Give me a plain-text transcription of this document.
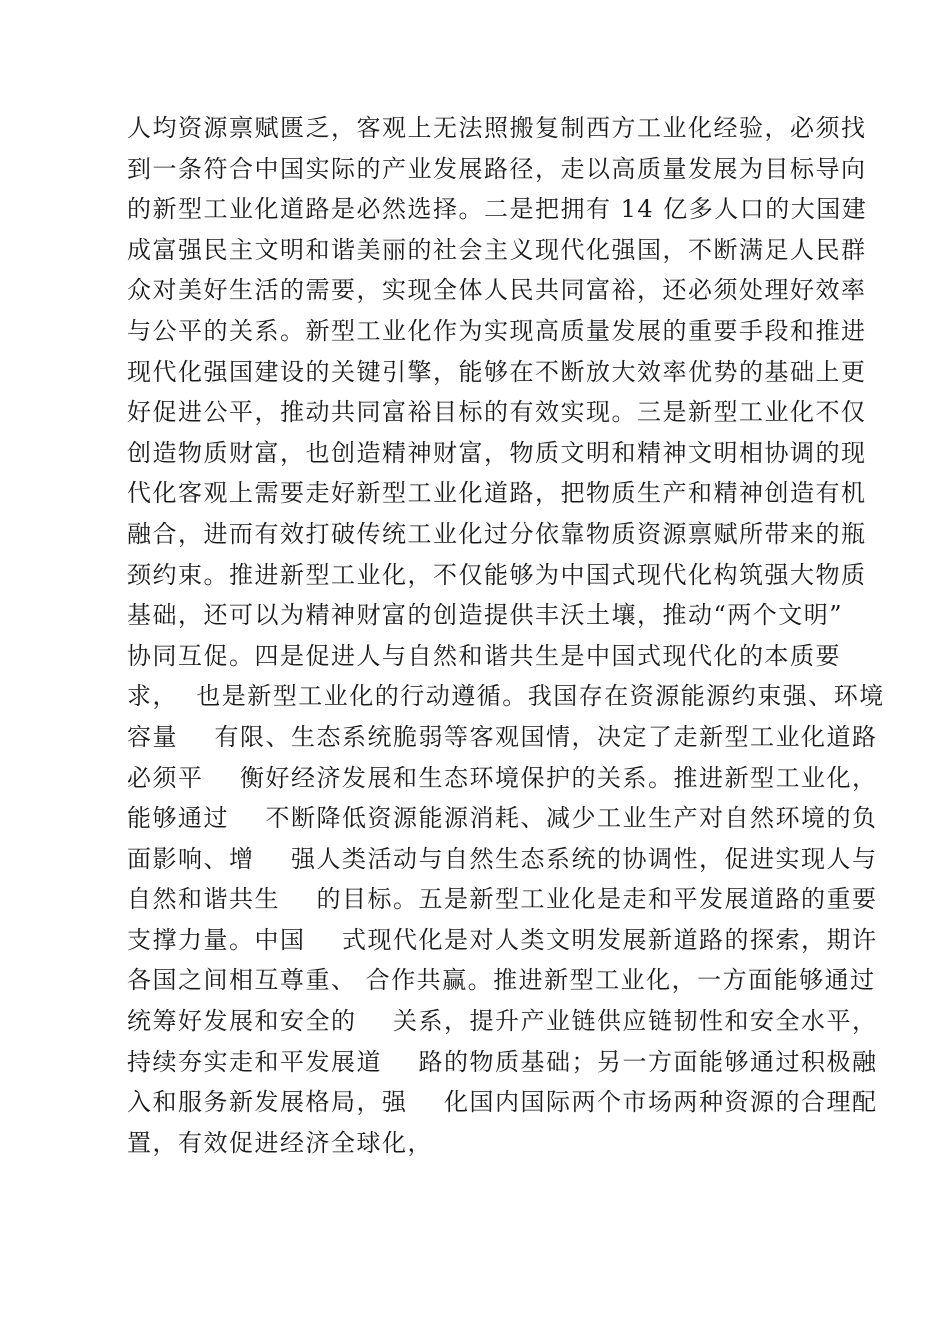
人均资源禀赋匮乏，客观上无法照搬复制西方工业化经验，必须找
到一条符合中国实际的产业发展路径，走以高质量发展为目标导向
的新型工业化道路是必然选择。二是把拥有 14 亿多人口的大国建
成富强民主文明和谐美丽的社会主义现代化强国，不断满足人民群
众对美好生活的需要，实现全体人民共同富裕，还必须处理好效率
与公平的关系。新型工业化作为实现高质量发展的重要手段和推进
现代化强国建设的关键引擎，能够在不断放大效率优势的基础上更
好促进公平，推动共同富裕目标的有效实现。三是新型工业化不仅
创造物质财富，也创造精神财富，物质文明和精神文明相协调的现
代化客观上需要走好新型工业化道路，把物质生产和精神创造有机
融合，进而有效打破传统工业化过分依靠物质资源禀赋所带来的瓶
颈约束。推进新型工业化，不仅能够为中国式现代化构筑强大物质
基础，还可以为精神财富的创造提供丰沃土壤，推动“两个文明”
协同互促。四是促进人与自然和谐共生是中国式现代化的本质要
求，  也是新型工业化的行动遵循。我国存在资源能源约束强、环境
容量    有限、生态系统脆弱等客观国情，决定了走新型工业化道路
必须平    衡好经济发展和生态环境保护的关系。推进新型工业化，
能够通过    不断降低资源能源消耗、减少工业生产对自然环境的负
面影响、增    强人类活动与自然生态系统的协调性，促进实现人与
自然和谐共生    的目标。五是新型工业化是走和平发展道路的重要
支撑力量。中国    式现代化是对人类文明发展新道路的探索，期许
各国之间相互尊重、 合作共赢。推进新型工业化，一方面能够通过
统筹好发展和安全的    关系，提升产业链供应链韧性和安全水平，
持续夯实走和平发展道    路的物质基础；另一方面能够通过积极融
入和服务新发展格局，强    化国内国际两个市场两种资源的合理配
置，有效促进经济全球化，
